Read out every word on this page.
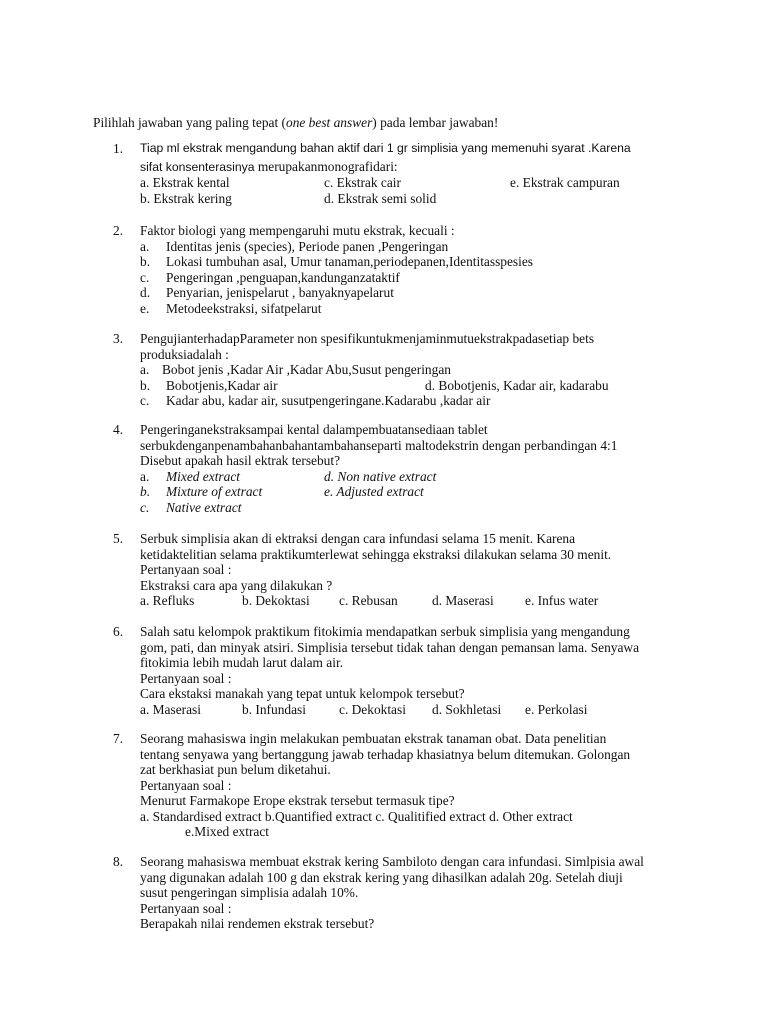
Pilihlah jawaban yang paling tepat (one best answer) pada lembar jawaban!
1. Tiap ml ekstrak mengandung bahan aktif dari 1 gr simplisia yang memenuhi syarat .Karena
sifat konsenterasinya merupakanmonografidari:
a. Ekstrak kental	c. Ekstrak cair	e. Ekstrak campuran
b. Ekstrak kering	d. Ekstrak semi solid
2. Faktor biologi yang mempengaruhi mutu ekstrak, kecuali :
a. Identitas jenis (species), Periode panen ,Pengeringan
b. Lokasi tumbuhan asal, Umur tanaman,periodepanen,Identitasspesies
c. Pengeringan ,penguapan,kandunganzataktif
d. Penyarian, jenispelarut , banyaknyapelarut
e. Metodeekstraksi, sifatpelarut
3. PengujianterhadapParameter non spesifikuntukmenjaminmutuekstrakpadasetiap bets
produksiadalah :
a. Bobot jenis ,Kadar Air ,Kadar Abu,Susut pengeringan
b. Bobotjenis,Kadar air	d. Bobotjenis, Kadar air, kadarabu
c. Kadar abu, kadar air, susutpengeringane.Kadarabu ,kadar air
4. Pengeringanekstraksampai kental dalampembuatansediaan tablet
serbukdenganpenambahanbahantambahanseparti maltodekstrin dengan perbandingan 4:1
Disebut apakah hasil ektrak tersebut?
a. Mixed extract	d. Non native extract
b. Mixture of extract	e. Adjusted extract
c. Native extract
5. Serbuk simplisia akan di ektraksi dengan cara infundasi selama 15 menit. Karena
ketidaktelitian selama praktikumterlewat sehingga ekstraksi dilakukan selama 30 menit.
Pertanyaan soal :
Ekstraksi cara apa yang dilakukan ?
a. Refluks	b. Dekoktasi c. Rebusan	d. Maserasi e. Infus water
6. Salah satu kelompok praktikum fitokimia mendapatkan serbuk simplisia yang mengandung
gom, pati, dan minyak atsiri. Simplisia tersebut tidak tahan dengan pemansan lama. Senyawa
fitokimia lebih mudah larut dalam air.
Pertanyaan soal :
Cara ekstaksi manakah yang tepat untuk kelompok tersebut?
a. Maserasi	b. Infundasi c. Dekoktasi d. Sokhletasi e. Perkolasi
7. Seorang mahasiswa ingin melakukan pembuatan ekstrak tanaman obat. Data penelitian
tentang senyawa yang bertanggung jawab terhadap khasiatnya belum ditemukan. Golongan
zat berkhasiat pun belum diketahui.
Pertanyaan soal :
Menurut Farmakope Erope ekstrak tersebut termasuk tipe?
a. Standardised extract b.Quantified extract c. Qualitified extract d. Other extract
e.Mixed extract
8. Seorang mahasiswa membuat ekstrak kering Sambiloto dengan cara infundasi. Simlpisia awal
yang digunakan adalah 100 g dan ekstrak kering yang dihasilkan adalah 20g. Setelah diuji
susut pengeringan simplisia adalah 10%.
Pertanyaan soal :
Berapakah nilai rendemen ekstrak tersebut?
